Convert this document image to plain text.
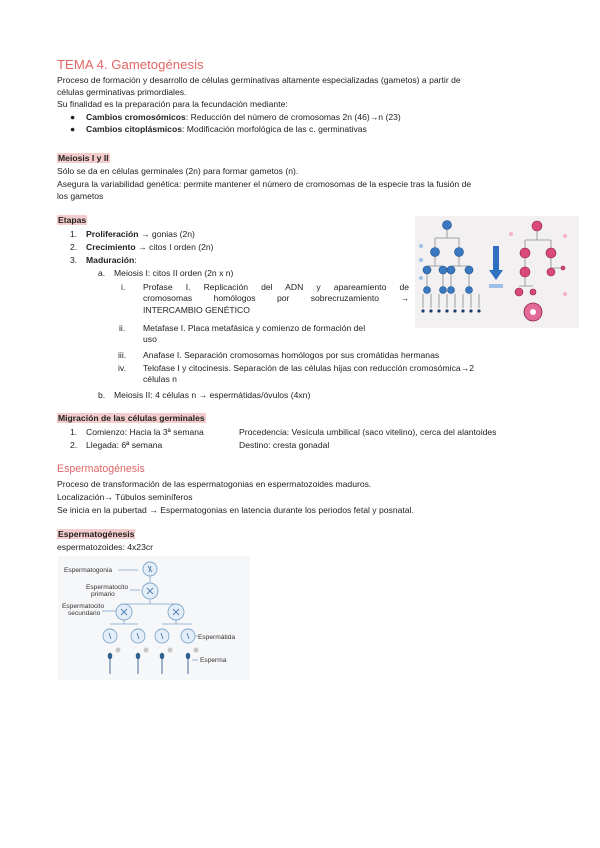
TEMA 4. Gametogénesis
Proceso de formación y desarrollo de células germinativas altamente especializadas (gametos) a partir de
células germinativas primordiales.
Su finalidad es la preparación para la fecundación mediante:
● Cambios cromosómicos: Reducción del número de cromosomas 2n (46)→n (23)
● Cambios citoplásmicos: Modificación morfológica de las c. germinativas
Meiosis I y II
Sólo se da en células germinales (2n) para formar gametos (n).
Asegura la variabilidad genética: permite mantener el número de cromosomas de la especie tras la fusión de
los gametos
Etapas
1. Proliferación → gonias (2n)
2. Crecimiento → citos I orden (2n)
3. Maduración:
a. Meiosis I: citos II orden (2n x n)
i. Profase I. Replicación del ADN y apareamiento de
cromosomas homólogos por sobrecruzamiento →
INTERCAMBIO GENÉTICO
ii. Metafase I. Placa metafásica y comienzo de formación del
uso
iii. Anafase I. Separación cromosomas homólogos por sus cromátidas hermanas
iv. Telofase I y citocinesis. Separación de las células hijas con reducción cromosómica→2
células n
b. Meiosis II: 4 células n → espermátidas/óvulos (4xn)
Migración de las células germinales
1. Comienzo: Hacia la 3ª semana	Procedencia: Vesícula umbilical (saco vitelino), cerca del alantoides
2. Llegada: 6ª semana	Destino: cresta gonadal
Espermatogénesis
Proceso de transformación de las espermatogonias en espermatozoides maduros.
Localización→ Túbulos seminíferos
Se inicia en la pubertad → Espermatogonias en latencia durante los periodos fetal y posnatal.
Espermatogénesis
espermatozoides: 4x23cr
Espermatogonia
Espermatocito
primario
Espermatocito
secundario
Espermátida
Esperma
